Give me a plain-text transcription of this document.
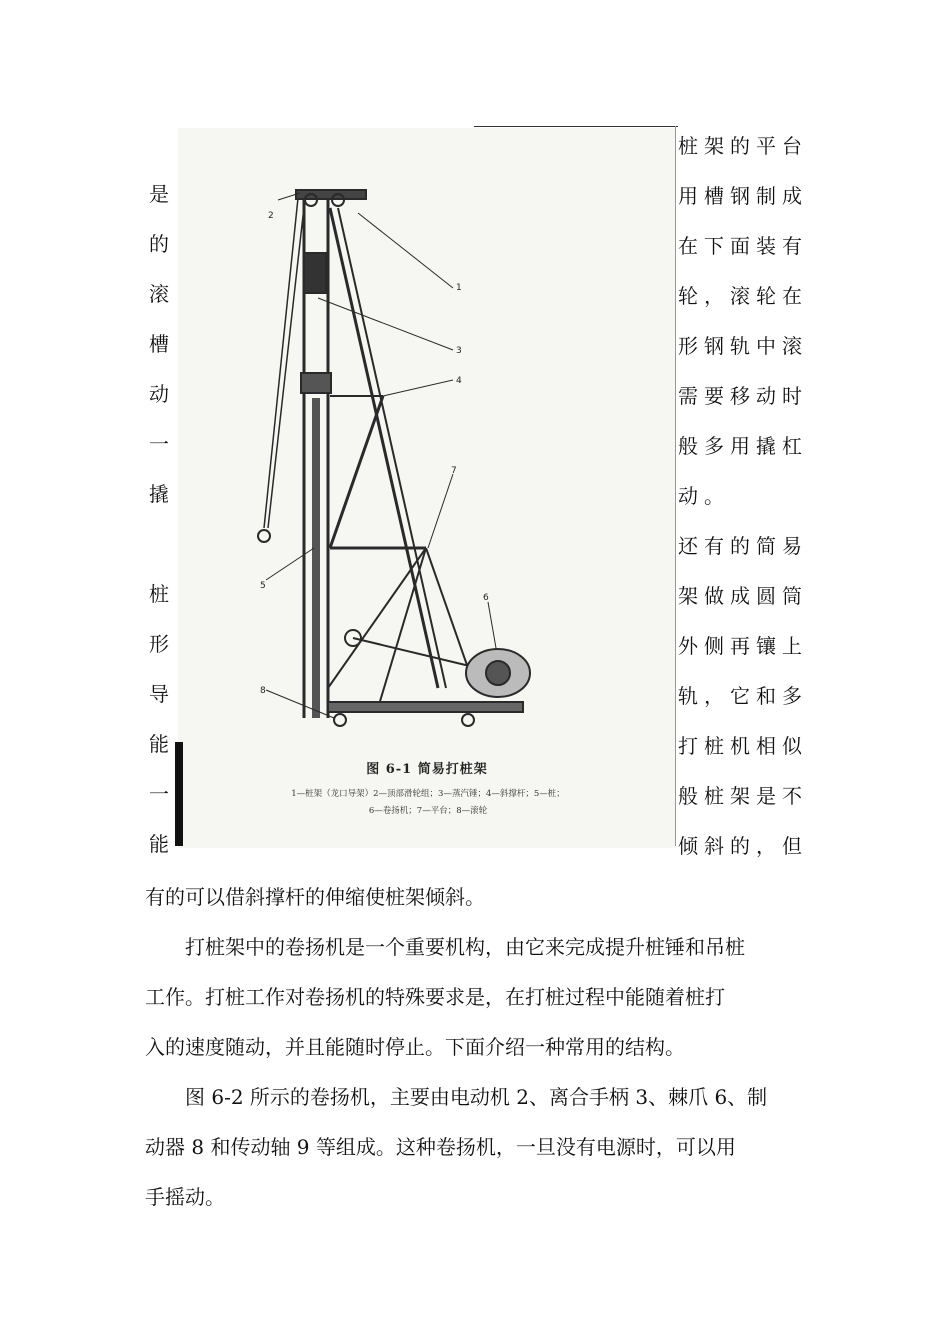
是
的
滚
槽
动
一
撬
桩
形
导
能
一
能
1
2
3
4
5
6
7
8
图 6-1 简易打桩架
1—桩架（龙口导架）2—顶部滑轮组；3—蒸汽锤；4—斜撑杆；5—桩；
6—卷扬机；7—平台；8—滚轮
桩架的平台
用槽钢制成
在下面装有
轮，滚轮在
形钢轨中滚
需要移动时
般多用撬杠
动。
还有的简易
架做成圆筒
外侧再镶上
轨，它和多
打桩机相似
般桩架是不
倾斜的，但

有的可以借斜撑杆的伸缩使桩架倾斜。

　　打桩架中的卷扬机是一个重要机构，由它来完成提升桩锤和吊桩

工作。打桩工作对卷扬机的特殊要求是，在打桩过程中能随着桩打

入的速度随动，并且能随时停止。下面介绍一种常用的结构。

　　图 6-2 所示的卷扬机，主要由电动机 2、离合手柄 3、棘爪 6、制

动器 8 和传动轴 9 等组成。这种卷扬机，一旦没有电源时，可以用

手摇动。
